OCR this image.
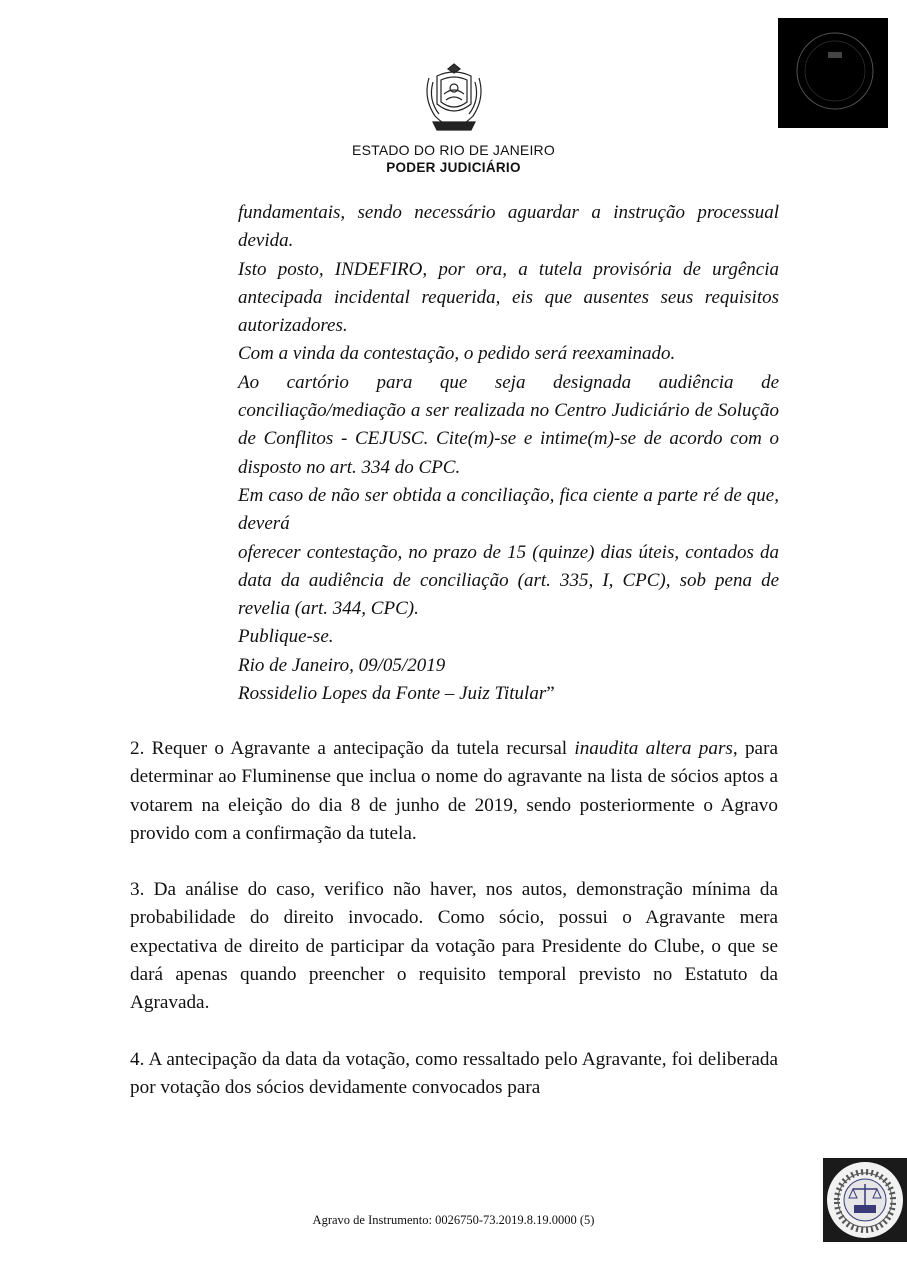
ESTADO DO RIO DE JANEIRO
PODER JUDICIÁRIO

fundamentais, sendo necessário aguardar a instrução processual devida.

Isto posto, INDEFIRO, por ora, a tutela provisória de urgência antecipada incidental requerida, eis que ausentes seus requisitos autorizadores.

Com a vinda da contestação, o pedido será reexaminado.

Ao cartório para que seja designada audiência de conciliação/mediação a ser realizada no Centro Judiciário de Solução de Conflitos - CEJUSC. Cite(m)-se e intime(m)-se de acordo com o disposto no art. 334 do CPC.

Em caso de não ser obtida a conciliação, fica ciente a parte ré de que, deverá

oferecer contestação, no prazo de 15 (quinze) dias úteis, contados da data da audiência de conciliação (art. 335, I, CPC), sob pena de revelia (art. 344, CPC).

Publique-se.

Rio de Janeiro, 09/05/2019

Rossidelio Lopes da Fonte – Juiz Titular”

2. Requer o Agravante a antecipação da tutela recursal inaudita altera pars, para determinar ao Fluminense que inclua o nome do agravante na lista de sócios aptos a votarem na eleição do dia 8 de junho de 2019, sendo posteriormente o Agravo provido com a confirmação da tutela.

3. Da análise do caso, verifico não haver, nos autos, demonstração mínima da probabilidade do direito invocado. Como sócio, possui o Agravante mera expectativa de direito de participar da votação para Presidente do Clube, o que se dará apenas quando preencher o requisito temporal previsto no Estatuto da Agravada.

4. A antecipação da data da votação, como ressaltado pelo Agravante, foi deliberada por votação dos sócios devidamente convocados para

Agravo de Instrumento: 0026750-73.2019.8.19.0000 (5)
